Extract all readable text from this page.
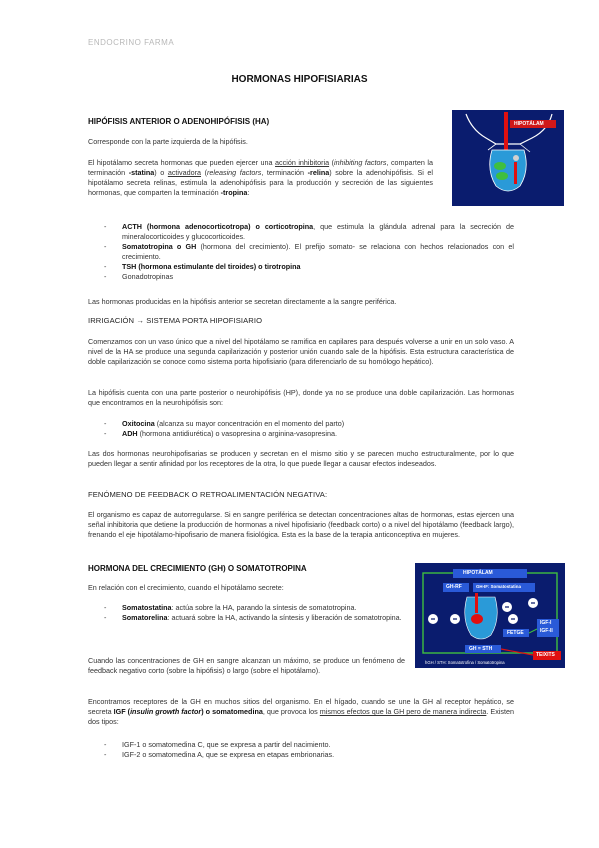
ENDOCRINO FARMA
HORMONAS HIPOFISIARIAS
HIPÓFISIS ANTERIOR O ADENOHIPÓFISIS (HA)
Corresponde con la parte izquierda de la hipófisis.
El hipotálamo secreta hormonas que pueden ejercer una acción inhibitoria (inhibiting factors, comparten la terminación -statina) o activadora (releasing factors, terminación -relina) sobre la adenohipófisis. Si el hipotálamo secreta relinas, estimula la adenohipófisis para la producción y secreción de las siguientes hormonas, que comparten la terminación -tropina:
- ACTH (hormona adenocorticotropa) o corticotropina, que estimula la glándula adrenal para la secreción de mineralocorticoides y glucocorticoides.
- Somatotropina o GH (hormona del crecimiento). El prefijo somato- se relaciona con hechos relacionados con el crecimiento.
- TSH (hormona estimulante del tiroides) o tirotropina
- Gonadotropinas
Las hormonas producidas en la hipófisis anterior se secretan directamente a la sangre periférica.
HIPOTÁLAM
IRRIGACIÓN → SISTEMA PORTA HIPOFISIARIO
Comenzamos con un vaso único que a nivel del hipotálamo se ramifica en capilares para después volverse a unir en un solo vaso. A nivel de la HA se produce una segunda capilarización y posterior unión cuando sale de la hipófisis. Esta estructura característica de doble capilarización se conoce como sistema porta hipofisiario (para diferenciarlo de su homólogo hepático).
La hipófisis cuenta con una parte posterior o neurohipófisis (HP), donde ya no se produce una doble capilarización. Las hormonas que encontramos en la neurohipófisis son:
- Oxitocina (alcanza su mayor concentración en el momento del parto)
- ADH (hormona antidiurética) o vasopresina o arginina-vasopresina.
Las dos hormonas neurohipofisarias se producen y secretan en el mismo sitio y se parecen mucho estructuralmente, por lo que pueden llegar a sentir afinidad por los receptores de la otra, lo que puede llegar a causar efectos indeseados.
FENÓMENO DE FEEDBACK O RETROALIMENTACIÓN NEGATIVA:
El organismo es capaz de autorregularse. Si en sangre periférica se detectan concentraciones altas de hormonas, estas ejercen una señal inhibitoria que detiene la producción de hormonas a nivel hipofisiario (feedback corto) o a nivel del hipotálamo (feedback largo), frenando el eje hipotálamo-hipofisario de manera fisiológica. Esta es la base de la terapia anticonceptiva en mujeres.
HORMONA DEL CRECIMIENTO (GH) O SOMATOTROPINA
En relación con el crecimiento, cuando el hipotálamo secrete:
- Somatostatina: actúa sobre la HA, parando la síntesis de somatotropina.
- Somatorelina: actuará sobre la HA, activando la síntesis y liberación de somatotropina.
Cuando las concentraciones de GH en sangre alcanzan un máximo, se produce un fenómeno de feedback negativo corto (sobre la hipófisis) o largo (sobre el hipotálamo).
HIPOTÁLAM
GH-RF	GH-IF: Somatostatina
IGF-I
IGF-II
FETGE
GH = STH
TEIXITS
hGH / STH: Somatotrofina / Somatotropina
Encontramos receptores de la GH en muchos sitios del organismo. En el hígado, cuando se une la GH al receptor hepático, se secreta IGF (insulin growth factor) o somatomedina, que provoca los mismos efectos que la GH pero de manera indirecta. Existen dos tipos:
- IGF-1 o somatomedina C, que se expresa a partir del nacimiento.
- IGF-2 o somatomedina A, que se expresa en etapas embrionarias.
